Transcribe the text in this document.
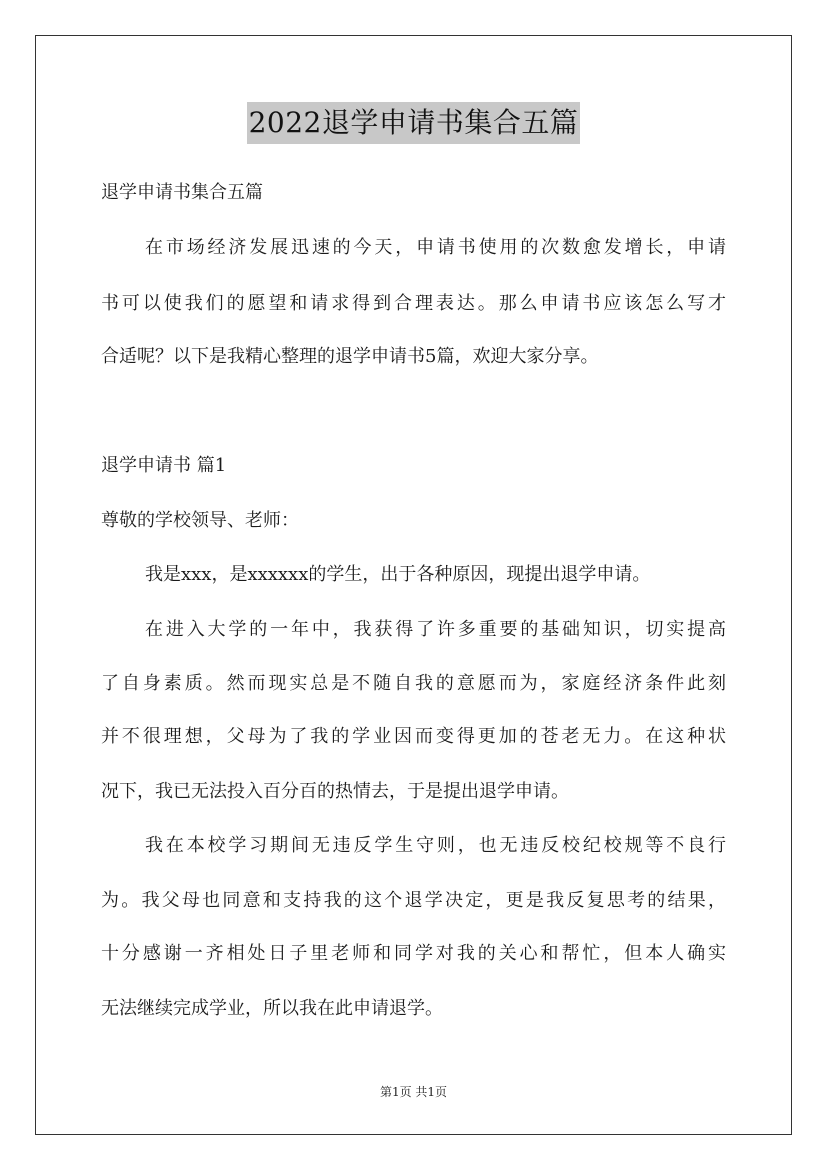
2022退学申请书集合五篇
退学申请书集合五篇
在市场经济发展迅速的今天，申请书使用的次数愈发增长，申请
书可以使我们的愿望和请求得到合理表达。那么申请书应该怎么写才
合适呢？以下是我精心整理的退学申请书5篇，欢迎大家分享。
退学申请书 篇1
尊敬的学校领导、老师：
我是xxx，是xxxxxx的学生，出于各种原因，现提出退学申请。
在进入大学的一年中，我获得了许多重要的基础知识，切实提高
了自身素质。然而现实总是不随自我的意愿而为，家庭经济条件此刻
并不很理想，父母为了我的学业因而变得更加的苍老无力。在这种状
况下，我已无法投入百分百的热情去，于是提出退学申请。
我在本校学习期间无违反学生守则，也无违反校纪校规等不良行
为。我父母也同意和支持我的这个退学决定，更是我反复思考的结果，
十分感谢一齐相处日子里老师和同学对我的关心和帮忙，但本人确实
无法继续完成学业，所以我在此申请退学。
第1页 共1页
